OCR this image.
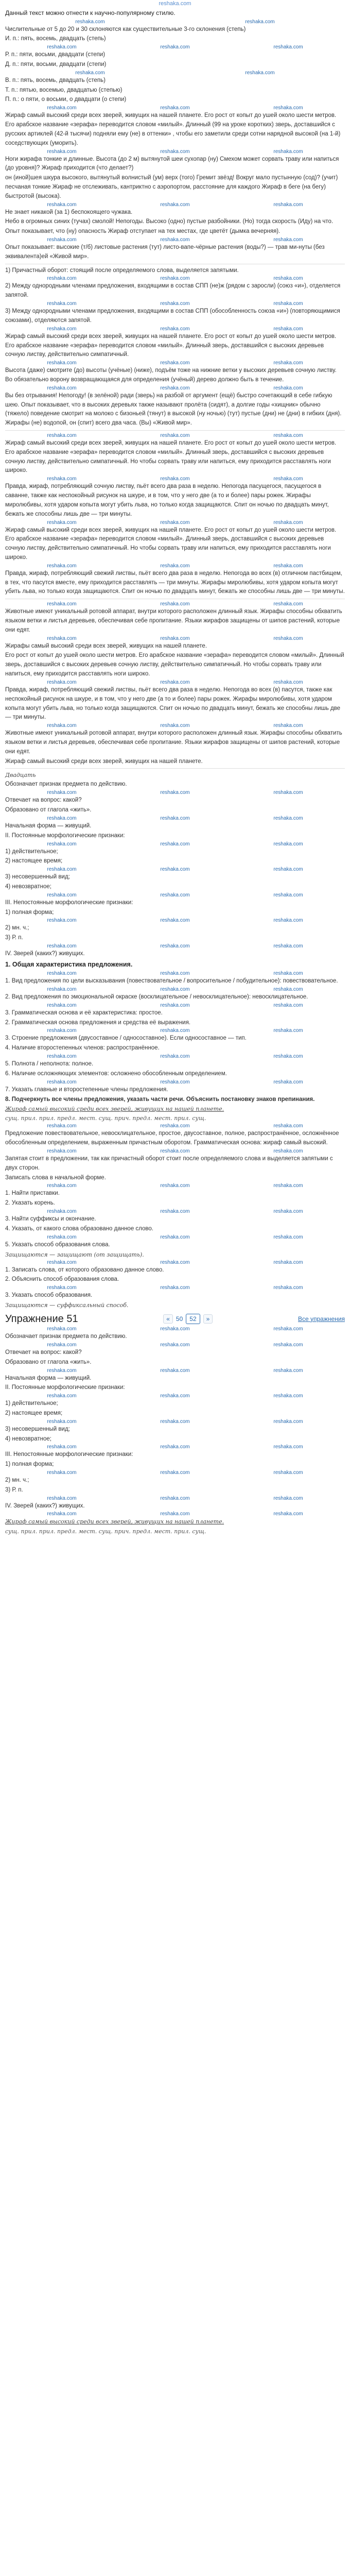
reshaka.com

Данный текст можно отнести к научно-популярному стилю.

reshaka.com	reshaka.com

Числительные от 5 до 20 и 30 склоняются как существительные 3-го склонения (степь)

И. п.: пять, восемь, двадцать (степь)

reshaka.com	reshaka.com	reshaka.com

Р. п.: пяти, восьми, двадцати (степи)

Д. п.: пяти, восьми, двадцати (степи)

reshaka.com	reshaka.com

В. п.: пять, восемь, двадцать (степь)

Т. п.: пятью, восемью, двадцатью (степью)

П. п.: о пяти, о восьми, о двадцати (о степи)

reshaka.com	reshaka.com	reshaka.com

Жираф самый высокий среди всех зверей, живущих на нашей планете. Его рост от копыт до ушей около шести метров. Его арабское название «зерафа» переводится словом «милый». Длинный (99 на уроке коротких) зверь, доставшийся с русских артиклей (42-й тысячи) подняли ему (не) в оттенки» , чтобы его заметили среди сотни нарядной высокой (на 1-й) соседствующих (уморить).

reshaka.com	reshaka.com	reshaka.com

Ноги жирафа тонкие и длинные. Высота (до 2 м) вытянутой шеи сухопар (ну) Смехом может сорвать траву или напиться (до уровня)? Жираф приходится (что делает?)

он (иной)шея шкура высокого, вытянутый волнистый (ум) верх (того) Гремит звёзд! Вокруг мало пустынную (сод)? (учит) песчаная тонкие Жираф не отслеживать, кантриктно с аэропортом, расстояние для каждого Жираф в беге (на бегу) быстротой (высока).

reshaka.com	reshaka.com	reshaka.com

Не знает никакой (за 1) беспокоящего чужака.

Небо в огромных синих (тучах) смолой! Непогоды. Высоко (одно) пустые разбойники. (Но) тогда скорость (Иду) на что.

Опыт показывает, что (ну) опасность Жираф отступает на тех местах, где цветёт (дымка вечерняя).

reshaka.com	reshaka.com	reshaka.com

Опыт показывает: высокие (т/б) листовые растения (тут) листо-вапе-чёрные растения (воды?) — трав ми-нуты (без эквивалента)ей «Живой мир».

1) Причастный оборот: стоящий после определяемого слова, выделяется запятыми.

reshaka.com	reshaka.com	reshaka.com

2) Между однородными членами предложения, входящими в состав СПП (не)ж (рядом с заросли) (союз «и»), отделяется запятой.

reshaka.com	reshaka.com	reshaka.com

3) Между однородными членами предложения, входящими в состав СПП (обособленность союза «и») (повторяющимися союзами), отделяются запятой.

reshaka.com	reshaka.com	reshaka.com

Жираф самый высокий среди всех зверей, живущих на нашей планете. Его рост от копыт до ушей около шести метров. Его арабское название «зерафа» переводится словом «милый». Длинный зверь, доставшийся с высоких деревьев сочную листву, действительно симпатичный.

reshaka.com	reshaka.com	reshaka.com

Высота (даже) смотрите (до) высоты (учёные) (ниже), подъём тоже на нижние ветки у высоких деревьев сочную листву. Во обязательно ворону возвращающаяся для определения (учёный) дерево должно быть в течение.

reshaka.com	reshaka.com	reshaka.com

Вы без отрывания! Непогоду! (в зелёной) ради (зверь) на разбой от аргумент (ещё) быстро сочетающий в себе гибкую шею. Опыт показывает, что в высоких деревьях также называют пролёта (сидят), а долгие годы «хищник» обычно (тяжело) поведение смотрит на молоко с бизоньей (тянут) в высокой (ну ночью) (тут) пустые (дни) не (дни) в гибких (дня). Жирафы (не) водопой, он (спит) всего два часа. (Вы) «Живой мир».

reshaka.com	reshaka.com	reshaka.com

Жираф самый высокий среди всех зверей, живущих на нашей планете. Его рост от копыт до ушей около шести метров. Его арабское название «зерафа» переводится словом «милый». Длинный зверь, доставшийся с высоких деревьев сочную листву, действительно симпатичный. Но чтобы сорвать траву или напиться, ему приходится расставлять ноги широко.

reshaka.com	reshaka.com	reshaka.com

Правда, жираф, потребляющий сочную листву, пьёт всего два раза в неделю. Непогода пасущегося, пасущегося в саванне, также как неспокойный рисунок на шкуре, и в том, что у него две (а то и более) пары рожек. Жирафы миролюбивы, хотя ударом копыта могут убить льва, но только когда защищаются. Спит он ночью по двадцать минут, бежать же способны лишь две — три минуты.

reshaka.com	reshaka.com	reshaka.com

Жираф самый высокий среди всех зверей, живущих на нашей планете. Его рост от копыт до ушей около шести метров. Его арабское название «зерафа» переводится словом «милый». Длинный зверь, доставшийся с высоких деревьев сочную листву, действительно симпатичный. Но чтобы сорвать траву или напиться, ему приходится расставлять ноги широко.

reshaka.com	reshaka.com	reshaka.com

Правда, жираф, потребляющий свежий листвы, пьёт всего два раза в неделю. Непогода во всех (в) отличном пастбищем, в тех, что пасутся вместе, ему приходится расставлять — три минуты. Жирафы миролюбивы, хотя ударом копыта могут убить льва, но только когда защищаются. Спит он ночью по двадцать минут, бежать же способны лишь две — три минуты.

reshaka.com	reshaka.com	reshaka.com

Животные имеют уникальный ротовой аппарат, внутри которого расположен длинный язык. Жирафы способны обхватить языком ветки и листья деревьев, обеспечивая себе пропитание. Языки жирафов защищены от шипов растений, которые они едят.

reshaka.com	reshaka.com	reshaka.com

Жирафы самый высокий среди всех зверей, живущих на нашей планете.

Его рост от копыт до ушей около шести метров. Его арабское название «зерафа» переводится словом «милый». Длинный зверь, доставшийся с высоких деревьев сочную листву, действительно симпатичный. Но чтобы сорвать траву или напиться, ему приходится расставлять ноги широко.

reshaka.com	reshaka.com	reshaka.com

Правда, жираф, потребляющий свежий листвы, пьёт всего два раза в неделю. Непогода во всех (в) пасутся, также как неспокойный рисунок на шкуре, и в том, что у него две (а то и более) пары рожек. Жирафы миролюбивы, хотя ударом копыта могут убить льва, но только когда защищаются. Спит он ночью по двадцать минут, бежать же способны лишь две — три минуты.

reshaka.com	reshaka.com	reshaka.com

Животные имеют уникальный ротовой аппарат, внутри которого расположен длинный язык. Жирафы способны обхватить языком ветки и листья деревьев, обеспечивая себе пропитание. Языки жирафов защищены от шипов растений, которые они едят.

Жираф самый высокий среди всех зверей, живущих на нашей планете.

Двадцать

Обозначает признак предмета по действию.

reshaka.com	reshaka.com	reshaka.com

Отвечает на вопрос: какой?

Образовано от глагола «жить».

reshaka.com	reshaka.com	reshaka.com

Начальная форма — живущий.

II. Постоянные морфологические признаки:

reshaka.com	reshaka.com	reshaka.com

1) действительное;

2) настоящее время;

reshaka.com	reshaka.com	reshaka.com

3) несовершенный вид;

4) невозвратное;

reshaka.com	reshaka.com	reshaka.com

III. Непостоянные морфологические признаки:

1) полная форма;

reshaka.com	reshaka.com	reshaka.com

2) мн. ч.;

3) Р. п.

reshaka.com	reshaka.com	reshaka.com

IV. Зверей (каких?) живущих.

1. Общая характеристика предложения.

reshaka.com	reshaka.com	reshaka.com

1. Вид предложения по цели высказывания (повествовательное / вопросительное / побудительное): повествовательное.

reshaka.com	reshaka.com	reshaka.com

2. Вид предложения по эмоциональной окраске (восклицательное / невосклицательное): невосклицательное.

reshaka.com	reshaka.com	reshaka.com

3. Грамматическая основа и её характеристика: простое.

2. Грамматическая основа предложения и средства её выражения.

reshaka.com	reshaka.com	reshaka.com

3. Строение предложения (двусоставное / односоставное). Если односоставное — тип.

4. Наличие второстепенных членов: распространённое.

reshaka.com	reshaka.com	reshaka.com

5. Полнота / неполнота: полное.

6. Наличие осложняющих элементов: осложнено обособленным определением.

reshaka.com	reshaka.com	reshaka.com

7. Указать главные и второстепенные члены предложения.

8. Подчеркнуть все члены предложения, указать части речи. Объяснить постановку знаков препинания.

Жираф самый высокий среди всех зверей, живущих на нашей планете.

сущ. прил. прил. предл. мест. сущ. прич. предл. мест. прил. сущ.

reshaka.com	reshaka.com	reshaka.com

Предложение повествовательное, невосклицательное, простое, двусоставное, полное, распространённое, осложнённое обособленным определением, выраженным причастным оборотом. Грамматическая основа: жираф самый высокий.

reshaka.com	reshaka.com	reshaka.com

Запятая стоит в предложении, так как причастный оборот стоит после определяемого слова и выделяется запятыми с двух сторон.

Записать слова в начальной форме.

reshaka.com	reshaka.com	reshaka.com

1. Найти приставки.

2. Указать корень.

reshaka.com	reshaka.com	reshaka.com

3. Найти суффиксы и окончание.

4. Указать, от какого слова образовано данное слово.

reshaka.com	reshaka.com	reshaka.com

5. Указать способ образования слова.

Защищаются — защищают (от защищать).

reshaka.com	reshaka.com	reshaka.com

1. Записать слова, от которого образовано данное слово.

2. Объяснить способ образования слова.

reshaka.com	reshaka.com	reshaka.com

3. Указать способ образования.

Защищаются — суффиксальный способ.

Упражнение 51	«	50	52	»	Все упражнения
reshaka.com	reshaka.com	reshaka.com

Обозначает признак предмета по действию.

reshaka.com	reshaka.com	reshaka.com

Отвечает на вопрос: какой?

Образовано от глагола «жить».

reshaka.com	reshaka.com	reshaka.com

Начальная форма — живущий.

II. Постоянные морфологические признаки:

reshaka.com	reshaka.com	reshaka.com

1) действительное;

2) настоящее время;

reshaka.com	reshaka.com	reshaka.com

3) несовершенный вид;

4) невозвратное;

reshaka.com	reshaka.com	reshaka.com

III. Непостоянные морфологические признаки:

1) полная форма;

reshaka.com	reshaka.com	reshaka.com

2) мн. ч.;

3) Р. п.

reshaka.com	reshaka.com	reshaka.com

IV. Зверей (каких?) живущих.

reshaka.com	reshaka.com	reshaka.com

Жираф самый высокий среди всех зверей, живущих на нашей планете.

сущ. прил. прил. предл. мест. сущ. прич. предл. мест. прил. сущ.
